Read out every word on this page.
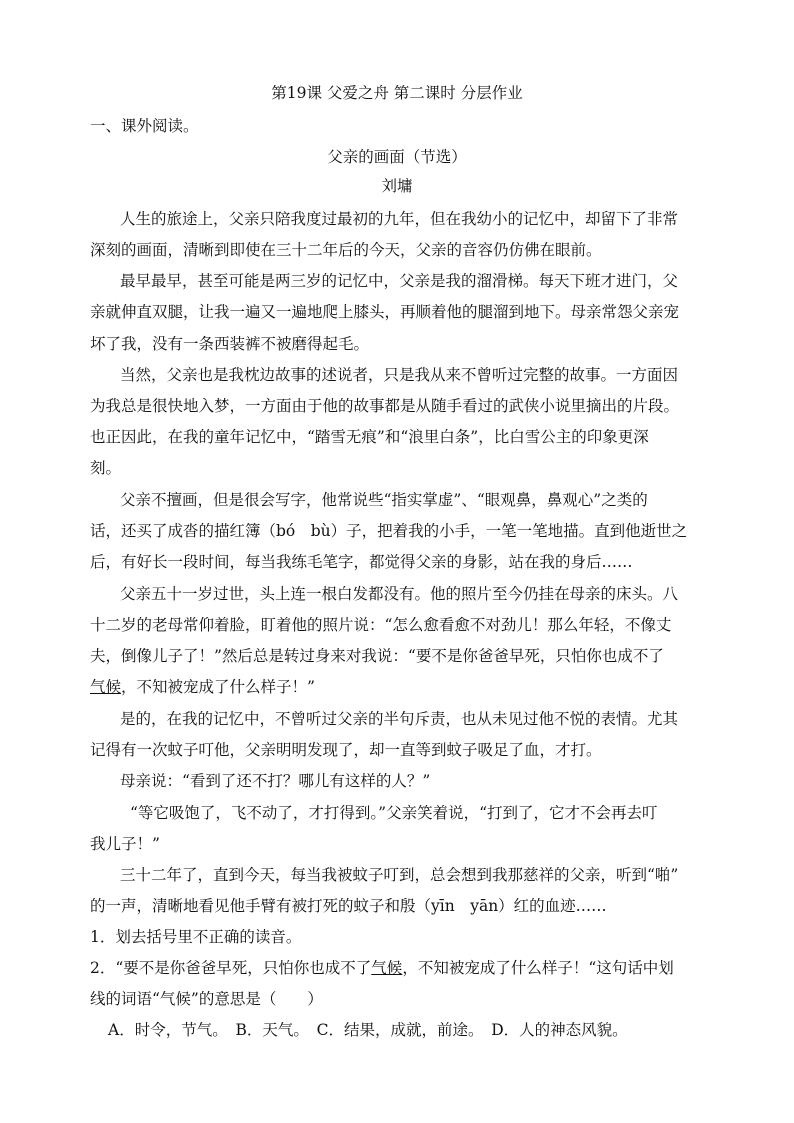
第19课 父爱之舟 第二课时 分层作业
一、课外阅读。
父亲的画面（节选）
刘墉
人生的旅途上，父亲只陪我度过最初的九年，但在我幼小的记忆中，却留下了非常
深刻的画面，清晰到即使在三十二年后的今天，父亲的音容仍仿佛在眼前。
最早最早，甚至可能是两三岁的记忆中，父亲是我的溜滑梯。每天下班才进门，父
亲就伸直双腿，让我一遍又一遍地爬上膝头，再顺着他的腿溜到地下。母亲常怨父亲宠
坏了我，没有一条西装裤不被磨得起毛。
当然，父亲也是我枕边故事的述说者，只是我从来不曾听过完整的故事。一方面因
为我总是很快地入梦，一方面由于他的故事都是从随手看过的武侠小说里摘出的片段。
也正因此，在我的童年记忆中，“踏雪无痕”和“浪里白条”，比白雪公主的印象更深
刻。
父亲不擅画，但是很会写字，他常说些“指实掌虚”、“眼观鼻，鼻观心”之类的
话，还买了成沓的描红簿（bó　bù）子，把着我的小手，一笔一笔地描。直到他逝世之
后，有好长一段时间，每当我练毛笔字，都觉得父亲的身影，站在我的身后……
父亲五十一岁过世，头上连一根白发都没有。他的照片至今仍挂在母亲的床头。八
十二岁的老母常仰着脸，盯着他的照片说：“怎么愈看愈不对劲儿！那么年轻，不像丈
夫，倒像儿子了！”然后总是转过身来对我说：“要不是你爸爸早死，只怕你也成不了
气候，不知被宠成了什么样子！”
是的，在我的记忆中，不曾听过父亲的半句斥责，也从未见过他不悦的表情。尤其
记得有一次蚊子叮他，父亲明明发现了，却一直等到蚊子吸足了血，才打。
母亲说：“看到了还不打？哪儿有这样的人？”
“等它吸饱了，飞不动了，才打得到。”父亲笑着说，“打到了，它才不会再去叮
我儿子！”
三十二年了，直到今天，每当我被蚊子叮到，总会想到我那慈祥的父亲，听到“啪”
的一声，清晰地看见他手臂有被打死的蚊子和殷（yīn　yān）红的血迹……
1．划去括号里不正确的读音。
2．“要不是你爸爸早死，只怕你也成不了气候，不知被宠成了什么样子！“这句话中划
线的词语“气候”的意思是（　　）
A．时令，节气。　B．天气。　C．结果，成就，前途。　D．人的神态风貌。
